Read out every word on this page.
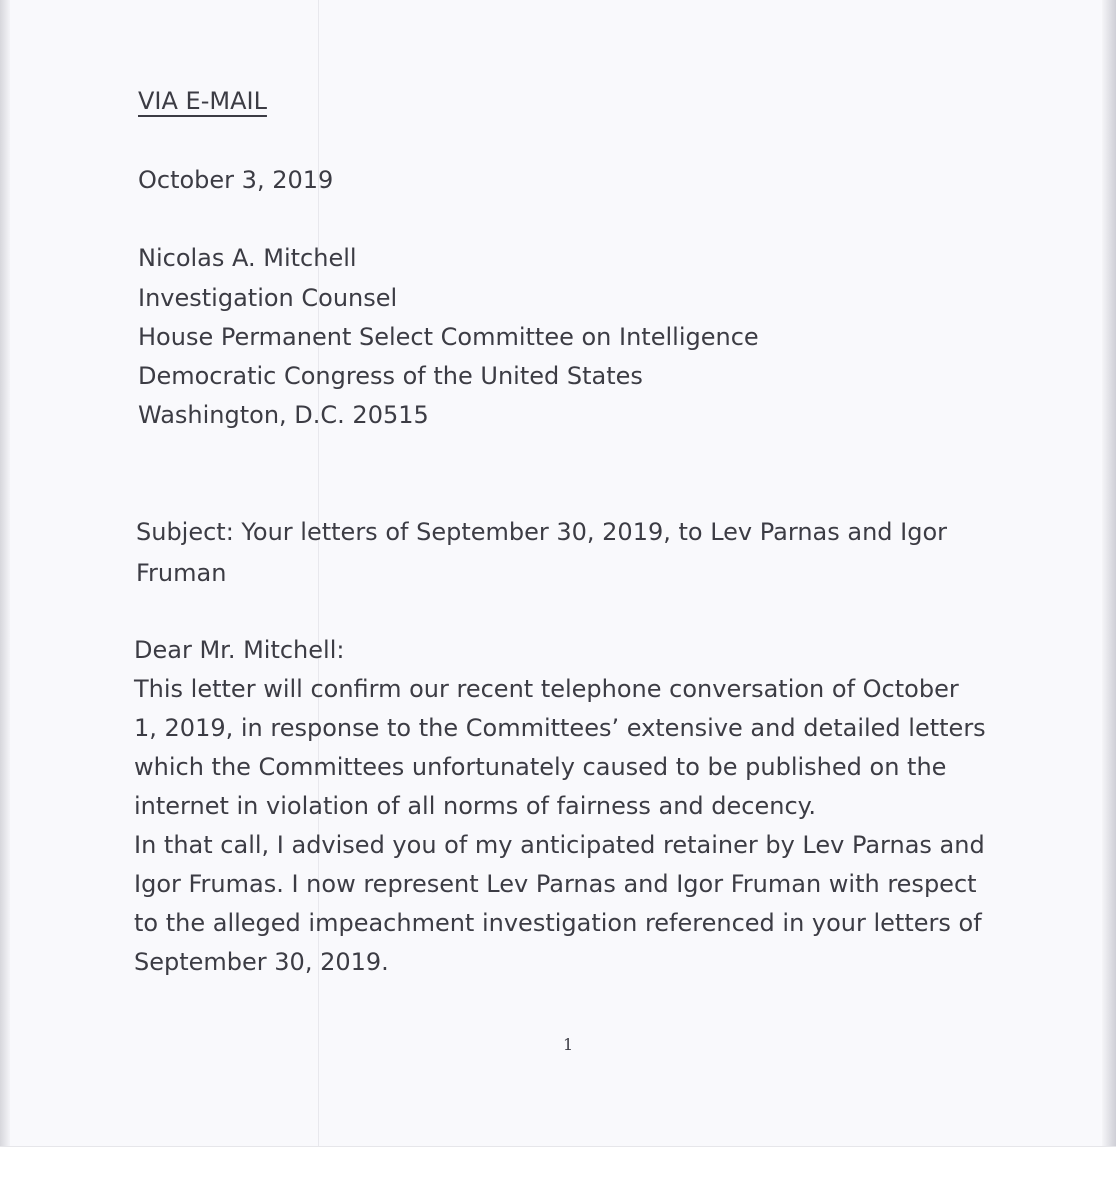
VIA E-MAIL

October 3, 2019

Nicolas A. Mitchell

Investigation Counsel

House Permanent Select Committee on Intelligence

Democratic Congress of the United States

Washington, D.C. 20515

Subject: Your letters of September 30, 2019, to Lev Parnas and Igor

Fruman

Dear Mr. Mitchell:

This letter will confirm our recent telephone conversation of October

1, 2019, in response to the Committees’ extensive and detailed letters

which the Committees unfortunately caused to be published on the

internet in violation of all norms of fairness and decency.

In that call, I advised you of my anticipated retainer by Lev Parnas and

Igor Frumas. I now represent Lev Parnas and Igor Fruman with respect

to the alleged impeachment investigation referenced in your letters of

September 30, 2019.

1
